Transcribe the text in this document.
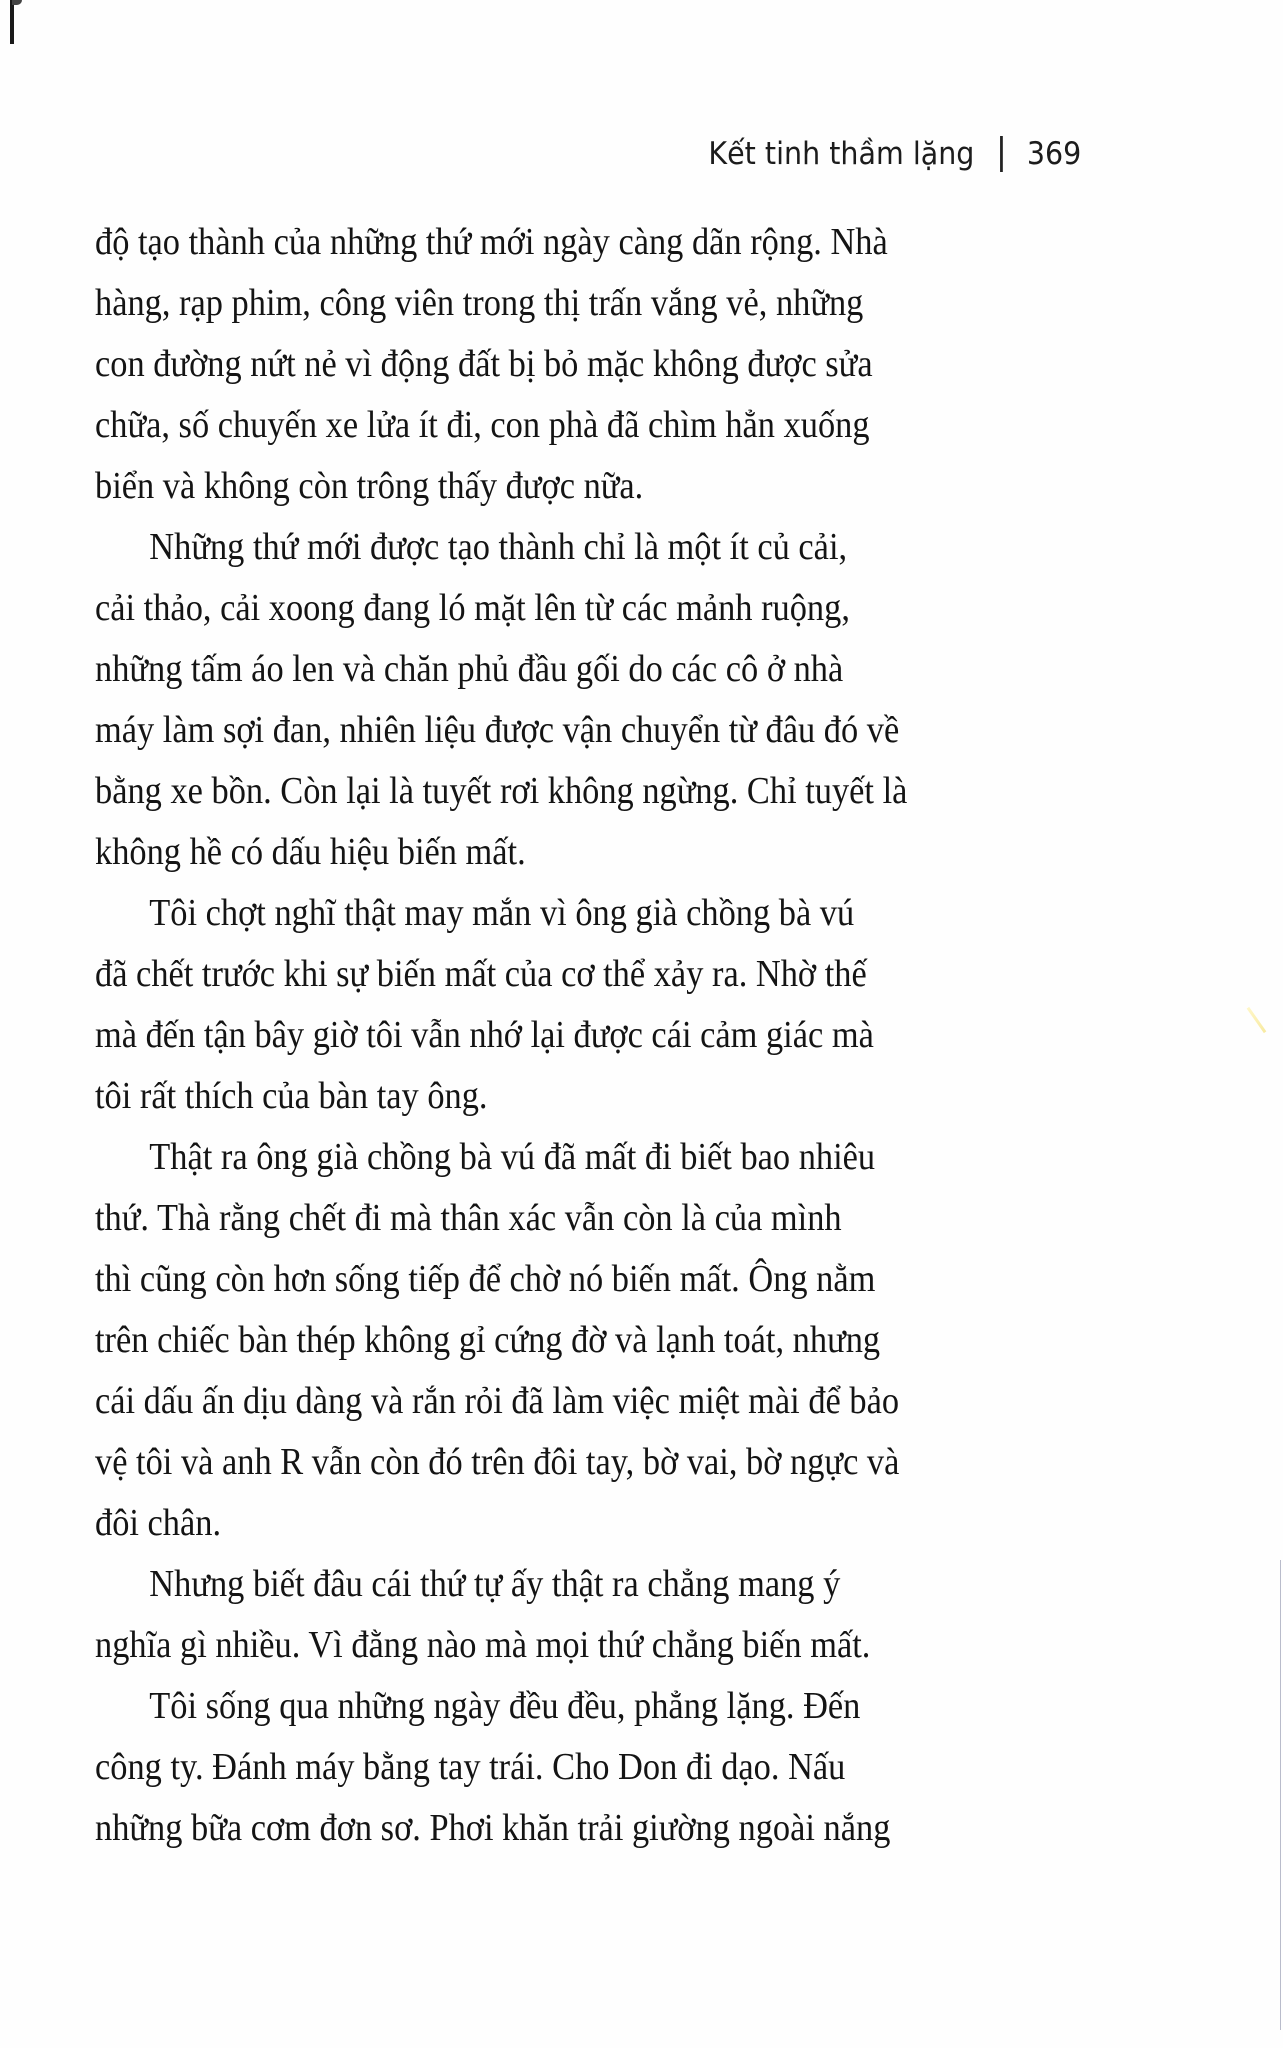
Kết tinh thầm lặng 369
độ tạo thành của những thứ mới ngày càng dãn rộng. Nhà
hàng, rạp phim, công viên trong thị trấn vắng vẻ, những
con đường nứt nẻ vì động đất bị bỏ mặc không được sửa
chữa, số chuyến xe lửa ít đi, con phà đã chìm hẳn xuống
biển và không còn trông thấy được nữa.
Những thứ mới được tạo thành chỉ là một ít củ cải,
cải thảo, cải xoong đang ló mặt lên từ các mảnh ruộng,
những tấm áo len và chăn phủ đầu gối do các cô ở nhà
máy làm sợi đan, nhiên liệu được vận chuyển từ đâu đó về
bằng xe bồn. Còn lại là tuyết rơi không ngừng. Chỉ tuyết là
không hề có dấu hiệu biến mất.
Tôi chợt nghĩ thật may mắn vì ông già chồng bà vú
đã chết trước khi sự biến mất của cơ thể xảy ra. Nhờ thế
mà đến tận bây giờ tôi vẫn nhớ lại được cái cảm giác mà
tôi rất thích của bàn tay ông.
Thật ra ông già chồng bà vú đã mất đi biết bao nhiêu
thứ. Thà rằng chết đi mà thân xác vẫn còn là của mình
thì cũng còn hơn sống tiếp để chờ nó biến mất. Ông nằm
trên chiếc bàn thép không gỉ cứng đờ và lạnh toát, nhưng
cái dấu ấn dịu dàng và rắn rỏi đã làm việc miệt mài để bảo
vệ tôi và anh R vẫn còn đó trên đôi tay, bờ vai, bờ ngực và
đôi chân.
Nhưng biết đâu cái thứ tự ấy thật ra chẳng mang ý
nghĩa gì nhiều. Vì đằng nào mà mọi thứ chẳng biến mất.
Tôi sống qua những ngày đều đều, phẳng lặng. Đến
công ty. Đánh máy bằng tay trái. Cho Don đi dạo. Nấu
những bữa cơm đơn sơ. Phơi khăn trải giường ngoài nắng
